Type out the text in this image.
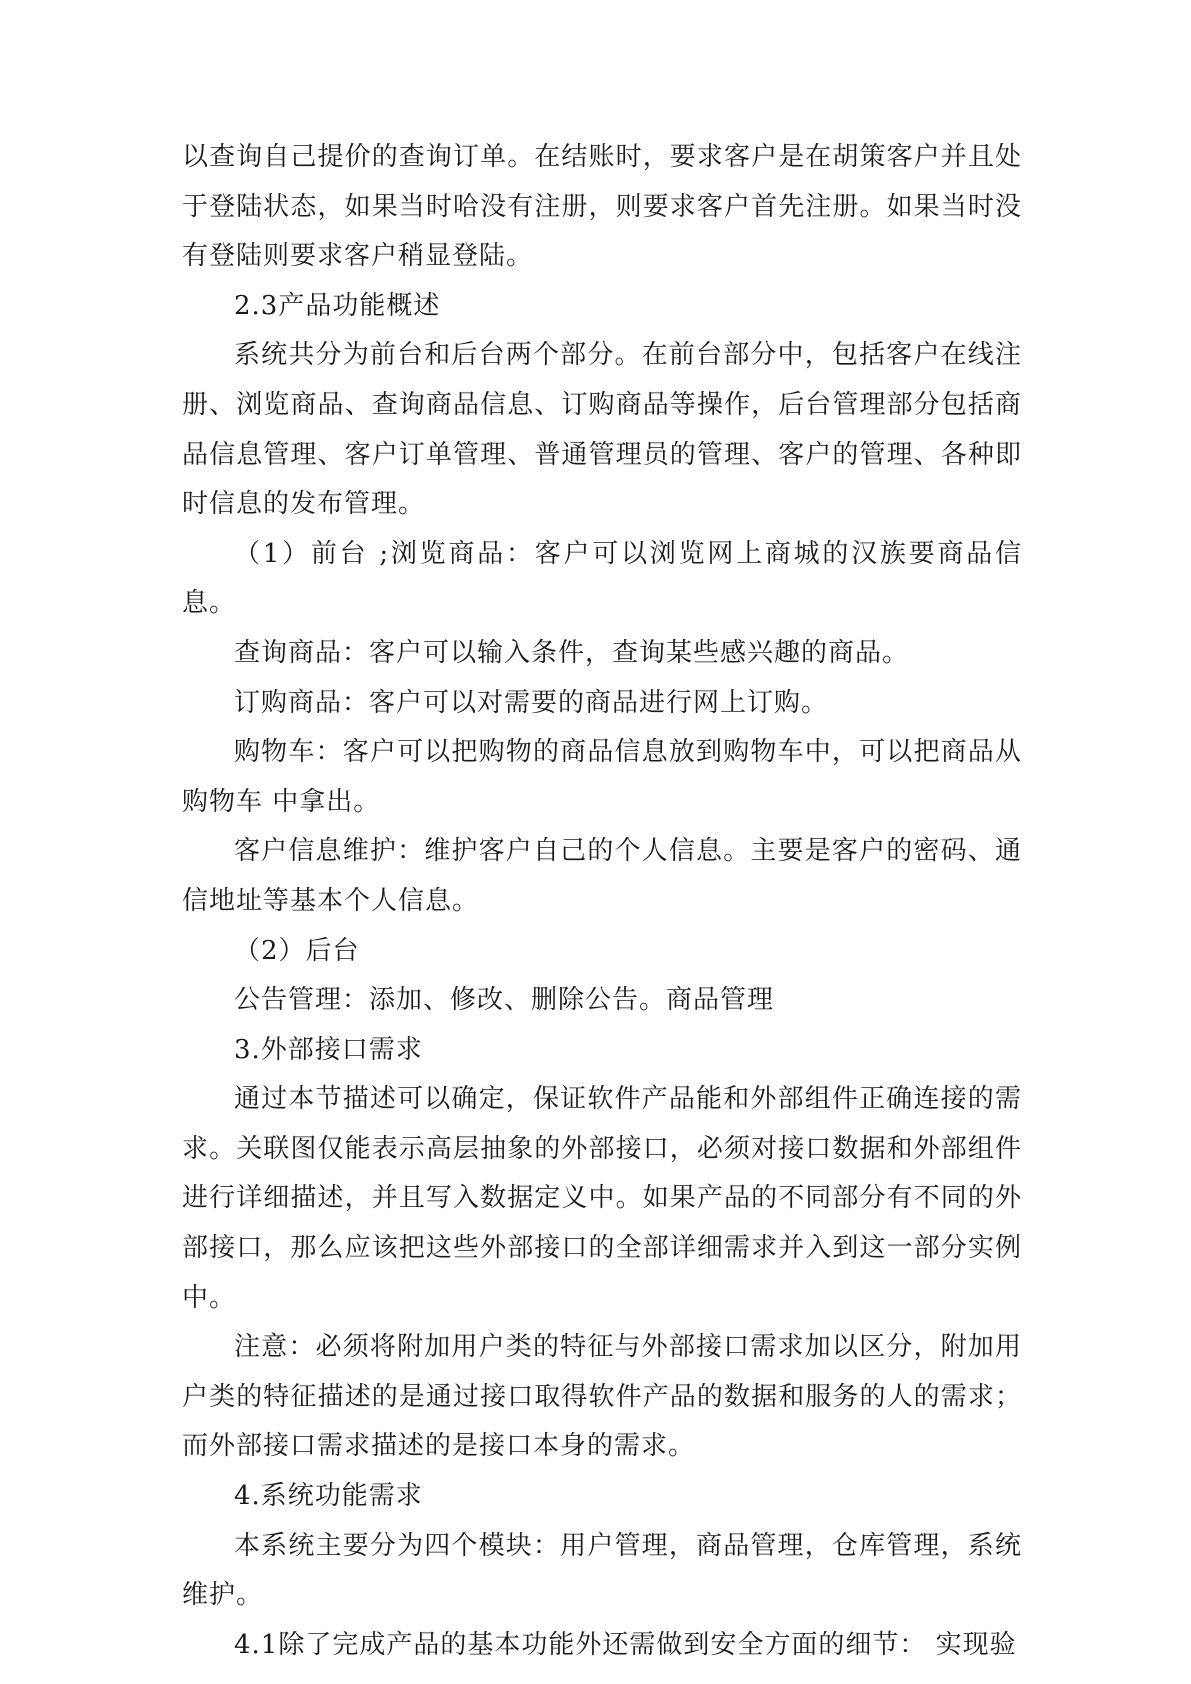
以查询自己提价的查询订单。在结账时，要求客户是在胡策客户并且处于登陆状态，如果当时哈没有注册，则要求客户首先注册。如果当时没有登陆则要求客户稍显登陆。

2.3产品功能概述

系统共分为前台和后台两个部分。在前台部分中，包括客户在线注册、浏览商品、查询商品信息、订购商品等操作，后台管理部分包括商品信息管理、客户订单管理、普通管理员的管理、客户的管理、各种即时信息的发布管理。

（1）前台 ;浏览商品：客户可以浏览网上商城的汉族要商品信息。

查询商品：客户可以输入条件，查询某些感兴趣的商品。

订购商品：客户可以对需要的商品进行网上订购。

购物车：客户可以把购物的商品信息放到购物车中，可以把商品从购物车 中拿出。

客户信息维护：维护客户自己的个人信息。主要是客户的密码、通信地址等基本个人信息。

（2）后台

公告管理：添加、修改、删除公告。商品管理

3.外部接口需求

通过本节描述可以确定，保证软件产品能和外部组件正确连接的需求。关联图仅能表示高层抽象的外部接口，必须对接口数据和外部组件进行详细描述，并且写入数据定义中。如果产品的不同部分有不同的外部接口，那么应该把这些外部接口的全部详细需求并入到这一部分实例中。

注意：必须将附加用户类的特征与外部接口需求加以区分，附加用户类的特征描述的是通过接口取得软件产品的数据和服务的人的需求；而外部接口需求描述的是接口本身的需求。

4.系统功能需求

本系统主要分为四个模块：用户管理，商品管理，仓库管理，系统维护。

4.1除了完成产品的基本功能外还需做到安全方面的细节： 实现验
